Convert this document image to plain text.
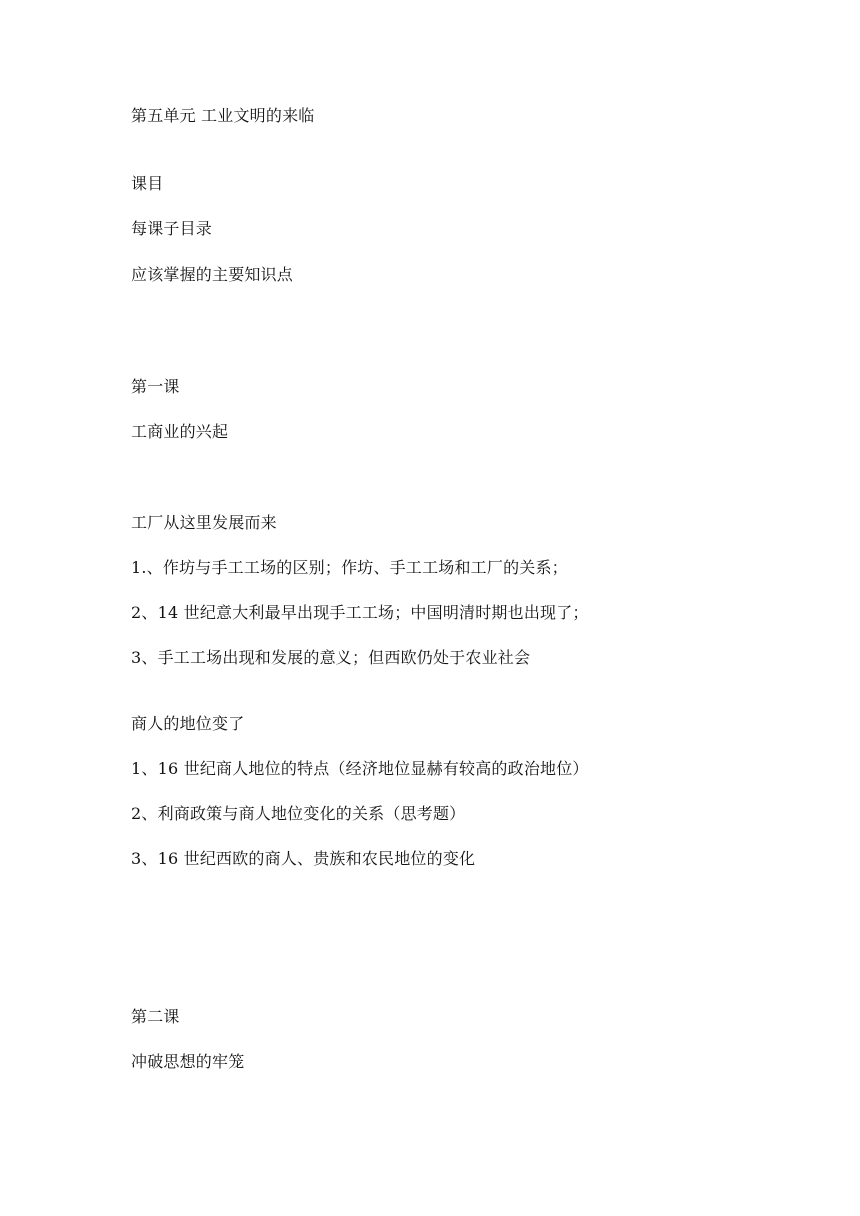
第五单元 工业文明的来临
课目
每课子目录
应该掌握的主要知识点
第一课
工商业的兴起
工厂从这里发展而来
1.、作坊与手工工场的区别；作坊、手工工场和工厂的关系；
2、14 世纪意大利最早出现手工工场；中国明清时期也出现了；
3、手工工场出现和发展的意义；但西欧仍处于农业社会
商人的地位变了
1、16 世纪商人地位的特点（经济地位显赫有较高的政治地位）
2、利商政策与商人地位变化的关系（思考题）
3、16 世纪西欧的商人、贵族和农民地位的变化
第二课
冲破思想的牢笼
